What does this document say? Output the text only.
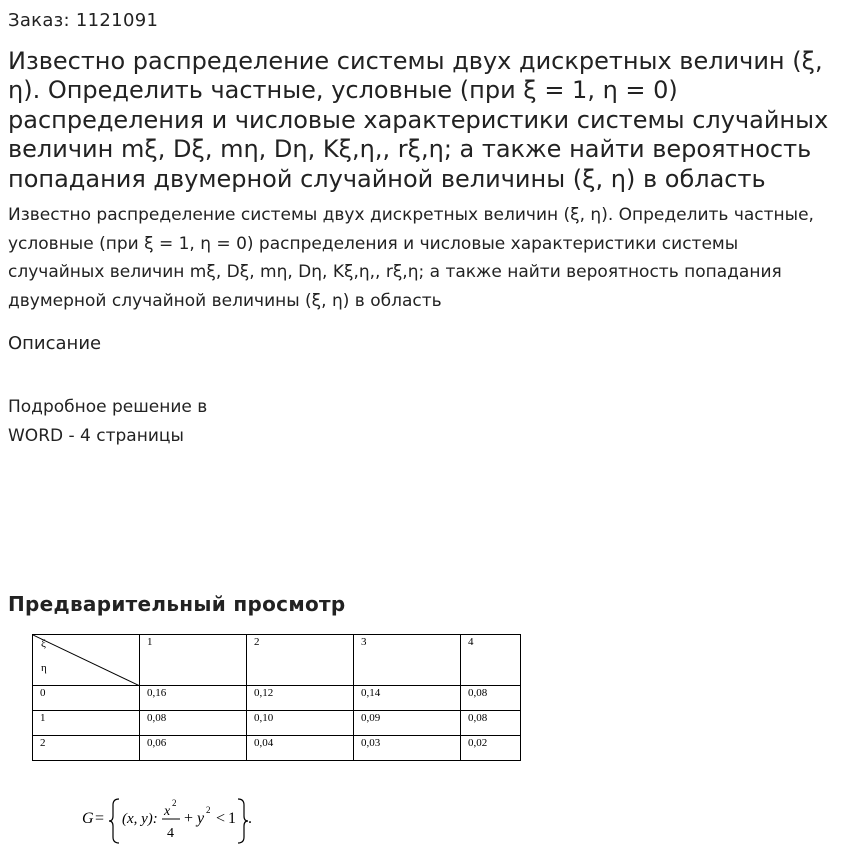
Заказ: 1121091
Известно распределение системы двух дискретных величин (ξ, η). Определить частные, условные (при ξ = 1, η = 0) распределения и числовые характеристики системы случайных величин mξ, Dξ, mη, Dη, Kξ,η,, rξ,η; а также найти вероятность попадания двумерной случайной величины (ξ, η) в область

Известно распределение системы двух дискретных величин (ξ, η). Определить частные, условные (при ξ = 1, η = 0) распределения и числовые характеристики системы случайных величин mξ, Dξ, mη, Dη, Kξ,η,, rξ,η; а также найти вероятность попадания двумерной случайной величины (ξ, η) в область

Описание
Подробное решение в
WORD - 4 страницы
Предварительный просмотр
ξ
η	1	2	3	4
0	0,16	0,12	0,14	0,08
1	0,08	0,10	0,09	0,08
2	0,06	0,04	0,03	0,02
G = (x, y): x
2
4
+ y 2 < 1 .
